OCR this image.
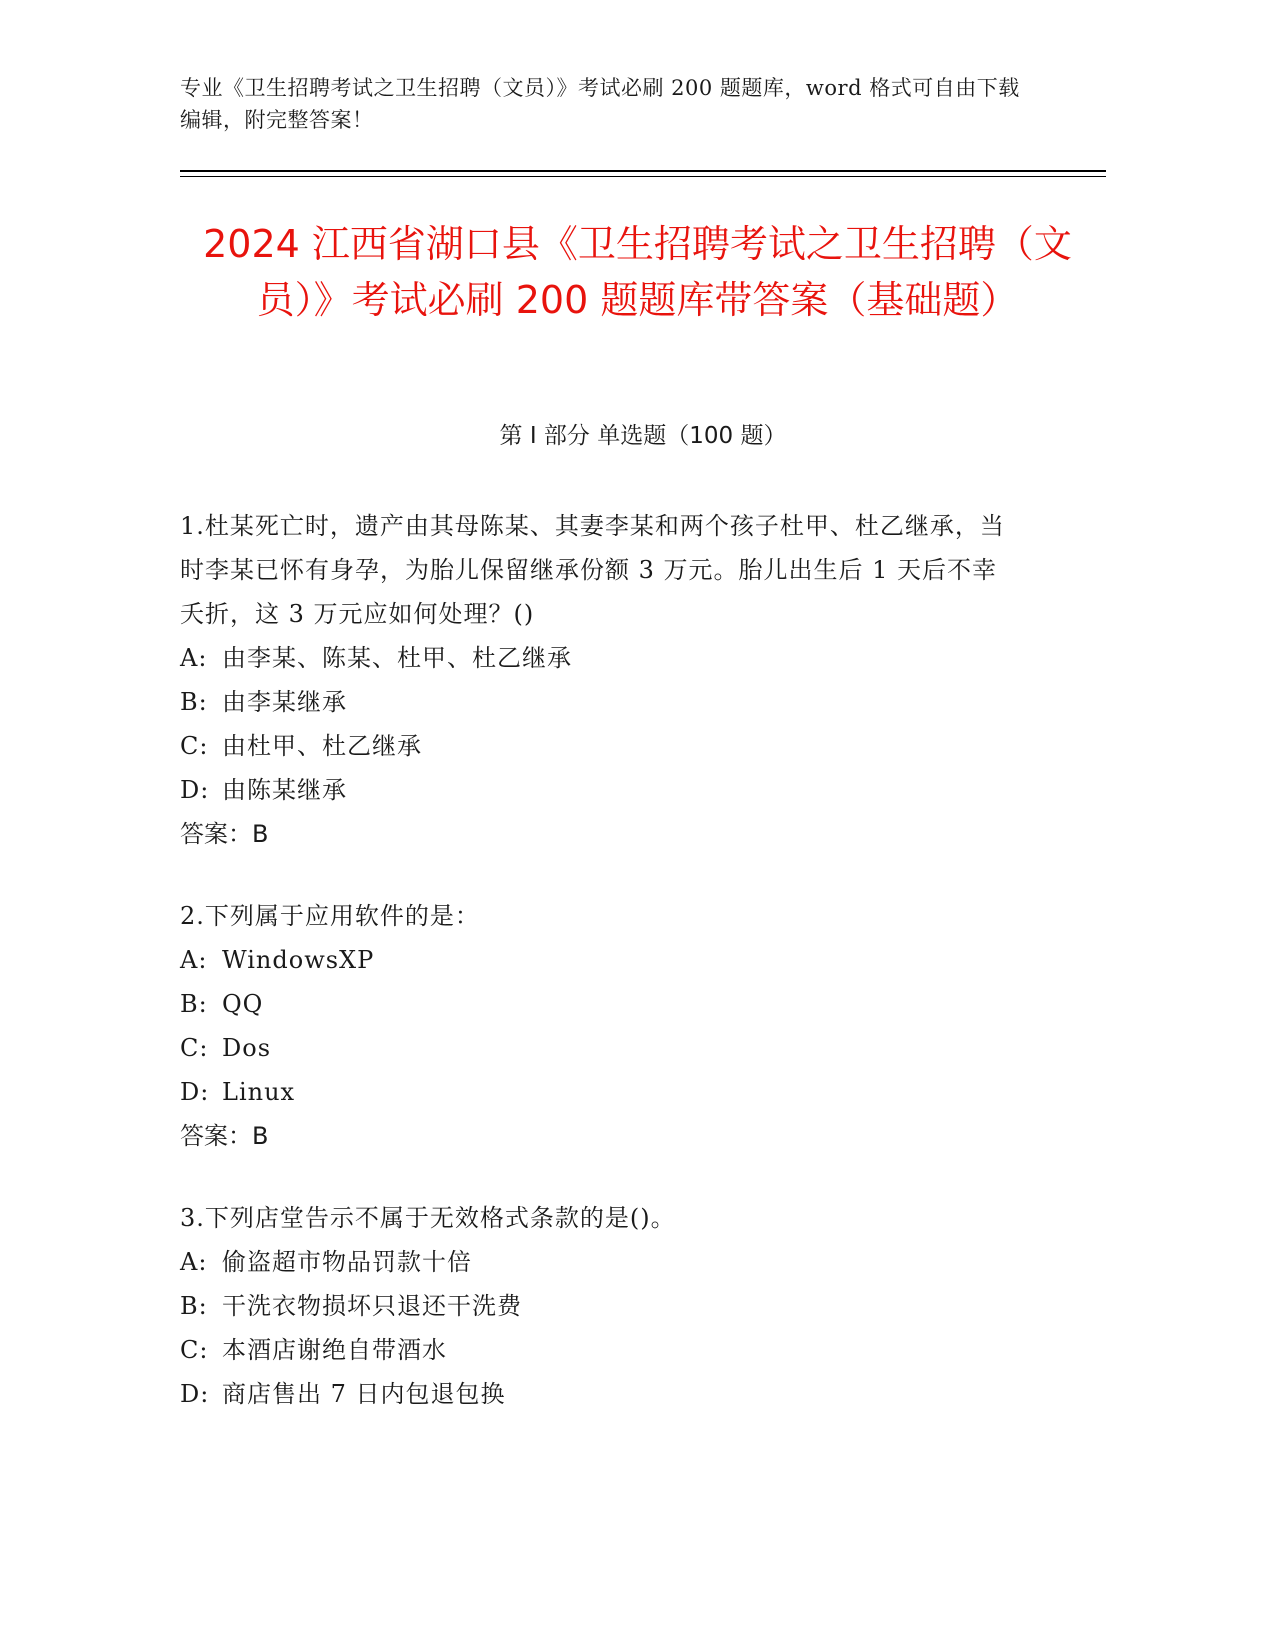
专业《卫生招聘考试之卫生招聘（文员）》考试必刷 200 题题库，word 格式可自由下载编辑，附完整答案！
2024 江西省湖口县《卫生招聘考试之卫生招聘（文员）》考试必刷 200 题题库带答案（基础题）
第 I 部分 单选题（100 题）
1.杜某死亡时，遗产由其母陈某、其妻李某和两个孩子杜甲、杜乙继承，当时李某已怀有身孕，为胎儿保留继承份额 3 万元。胎儿出生后 1 天后不幸夭折，这 3 万元应如何处理？()
A: 由李某、陈某、杜甲、杜乙继承
B: 由李某继承
C: 由杜甲、杜乙继承
D: 由陈某继承
答案：B
2.下列属于应用软件的是：
A: WindowsXP
B: QQ
C: Dos
D: Linux
答案：B
3.下列店堂告示不属于无效格式条款的是()。
A: 偷盗超市物品罚款十倍
B: 干洗衣物损坏只退还干洗费
C: 本酒店谢绝自带酒水
D: 商店售出 7 日内包退包换
